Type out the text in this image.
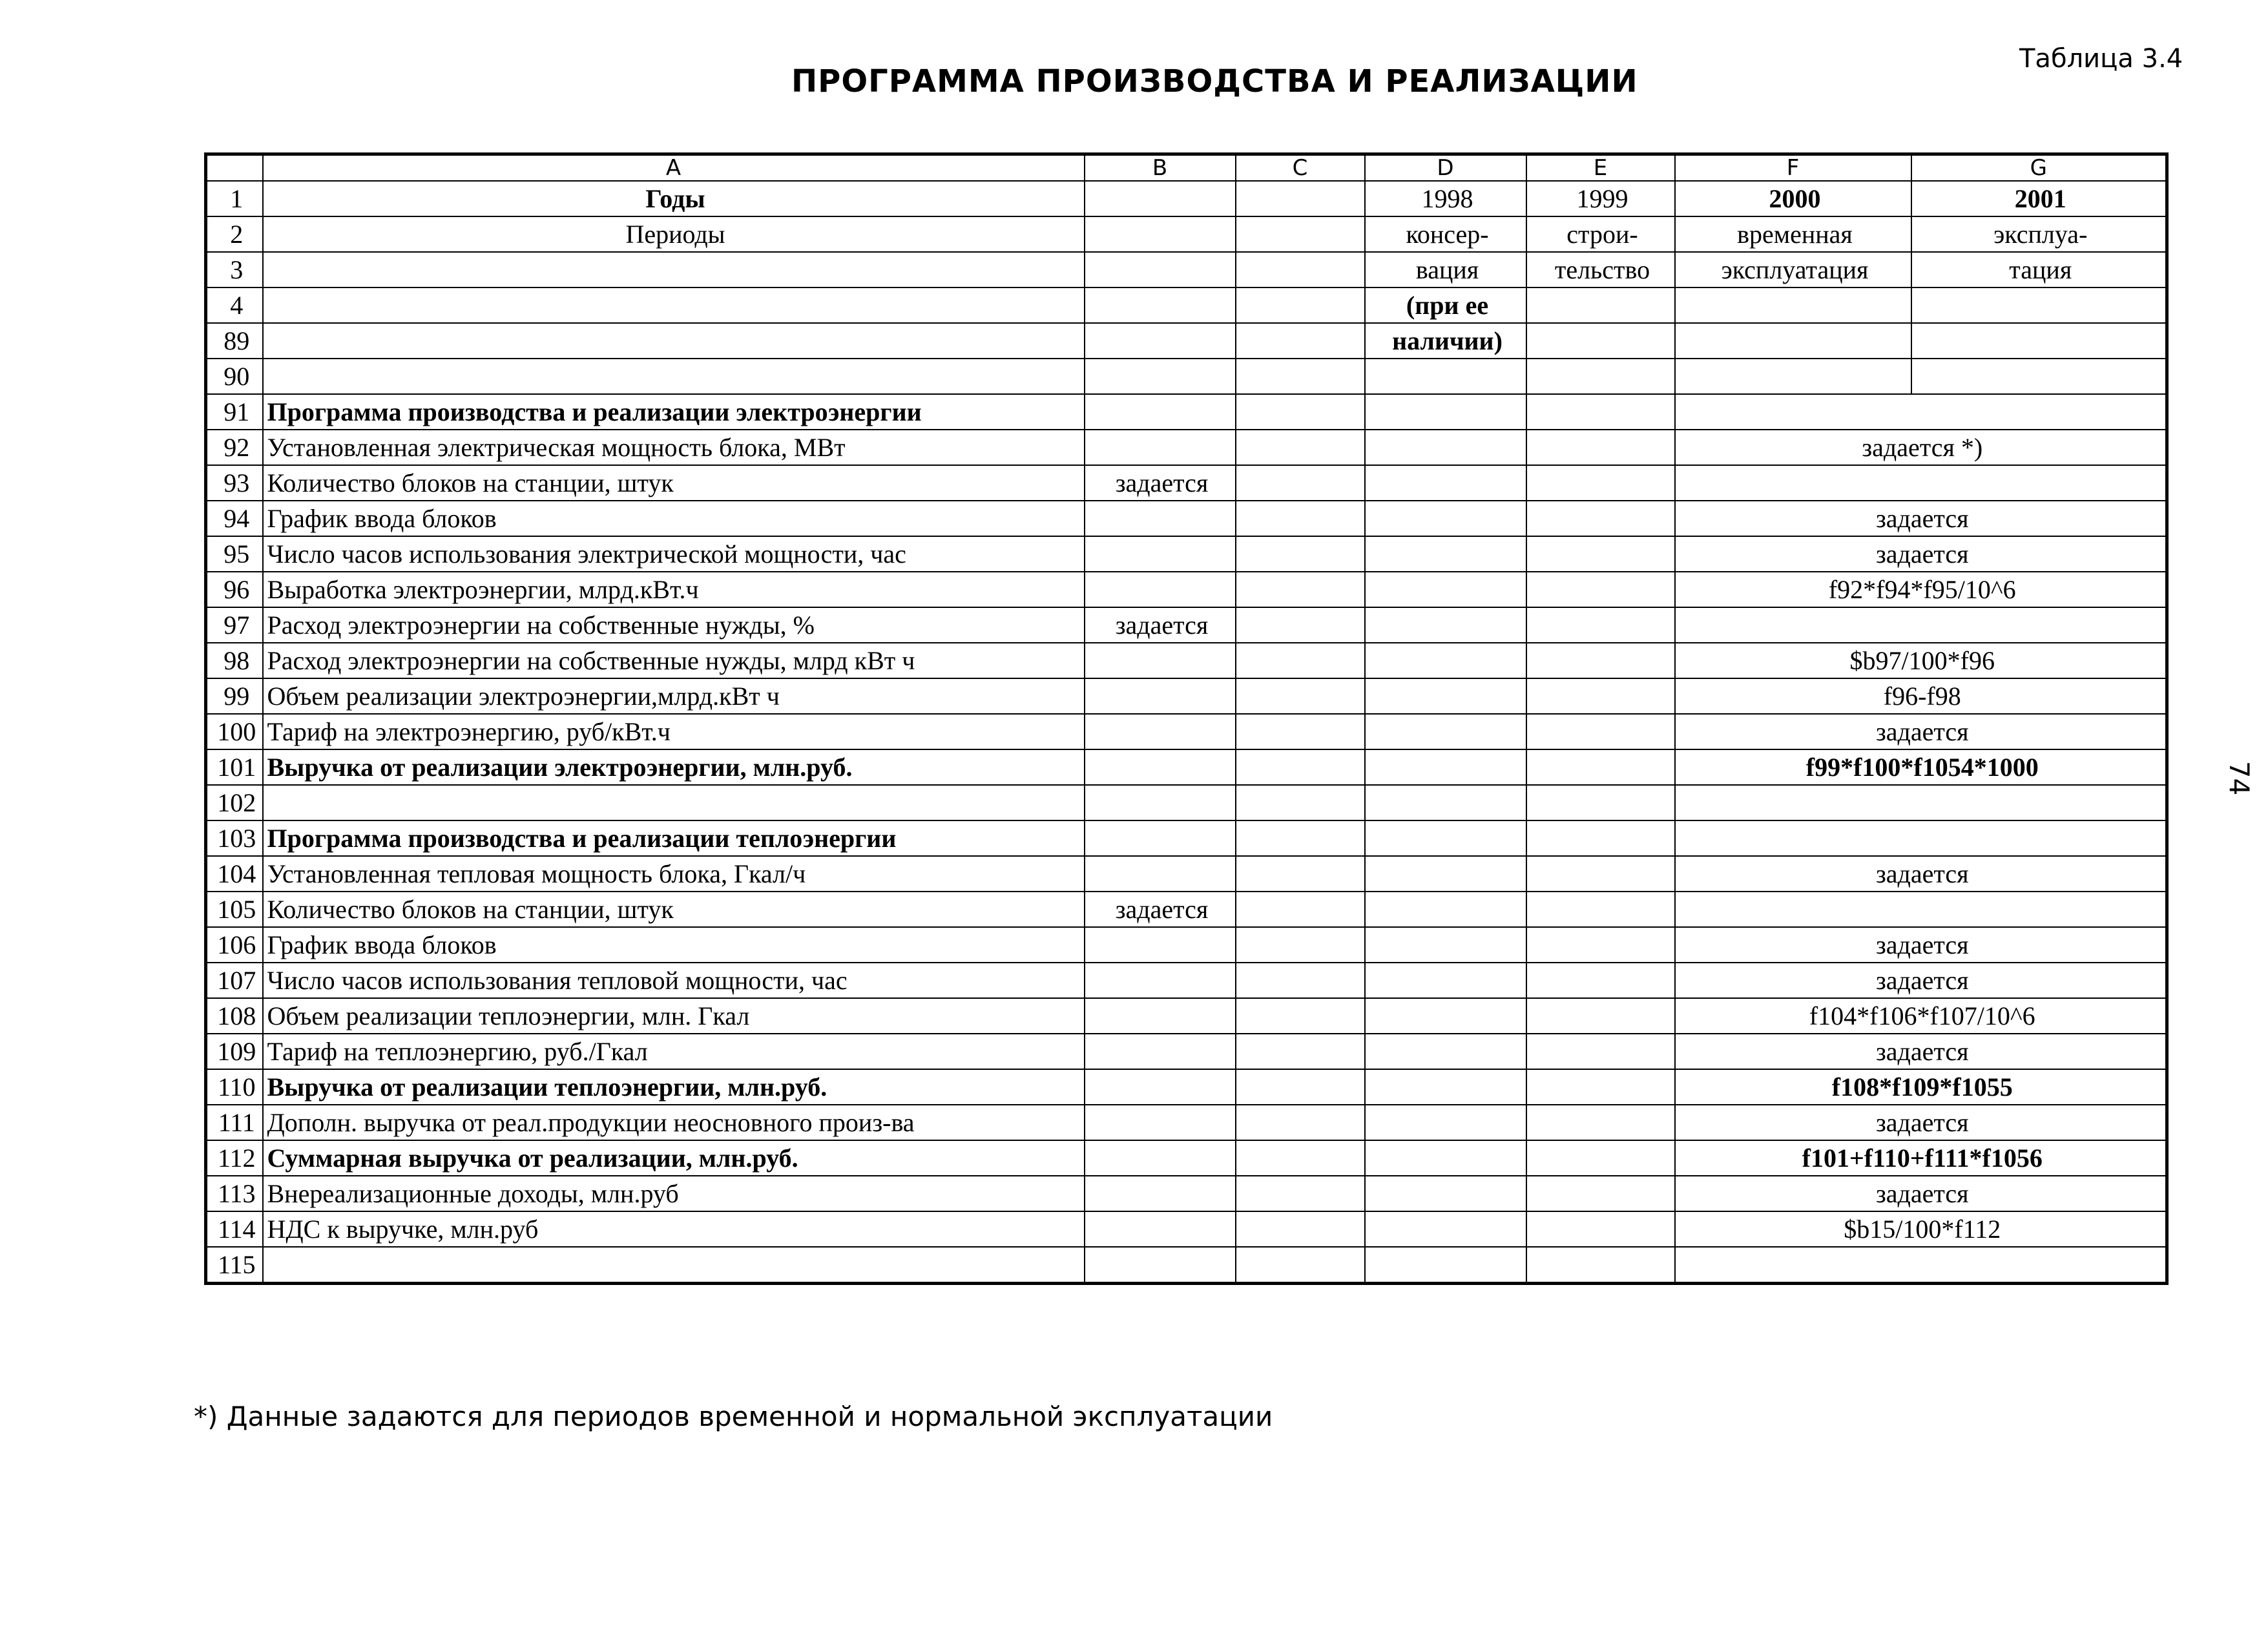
ПРОГРАММА ПРОИЗВОДСТВА И РЕАЛИЗАЦИИ
Таблица 3.4
74
	A	B	C	D	E	F	G
1	Годы			1998	1999	2000	2001
2	Периоды			консер-	строи-	временная	эксплуа-
3				вация	тельство	эксплуатация	тация
4				(при ее			
89				наличии)			
90							
91	Программа производства и реализации электроэнергии						
92	Установленная электрическая мощность блока, МВт					задается *)	
93	Количество блоков на станции, штук	задается					
94	График ввода блоков					задается	
95	Число часов использования электрической мощности, час					задается	
96	Выработка электроэнергии, млрд.кВт.ч					f92*f94*f95/10^6	
97	Расход электроэнергии на собственные нужды, %	задается					
98	Расход электроэнергии на собственные нужды, млрд кВт ч					$b97/100*f96	
99	Объем реализации электроэнергии,млрд.кВт ч					f96-f98	
100	Тариф на электроэнергию, руб/кВт.ч					задается	
101	Выручка от реализации электроэнергии, млн.руб.					f99*f100*f1054*1000	
102							
103	Программа производства и реализации теплоэнергии						
104	Установленная тепловая мощность блока, Гкал/ч					задается	
105	Количество блоков на станции, штук	задается					
106	График ввода блоков					задается	
107	Число часов использования тепловой мощности, час					задается	
108	Объем реализации теплоэнергии, млн. Гкал					f104*f106*f107/10^6	
109	Тариф на теплоэнергию, руб./Гкал					задается	
110	Выручка от реализации теплоэнергии, млн.руб.					f108*f109*f1055	
111	Дополн. выручка от реал.продукции неосновного произ-ва					задается	
112	Суммарная выручка от реализации, млн.руб.					f101+f110+f111*f1056	
113	Внереализационные доходы, млн.руб					задается	
114	НДС к выручке, млн.руб					$b15/100*f112	
115							
*) Данные задаются для периодов временной и нормальной эксплуатации
